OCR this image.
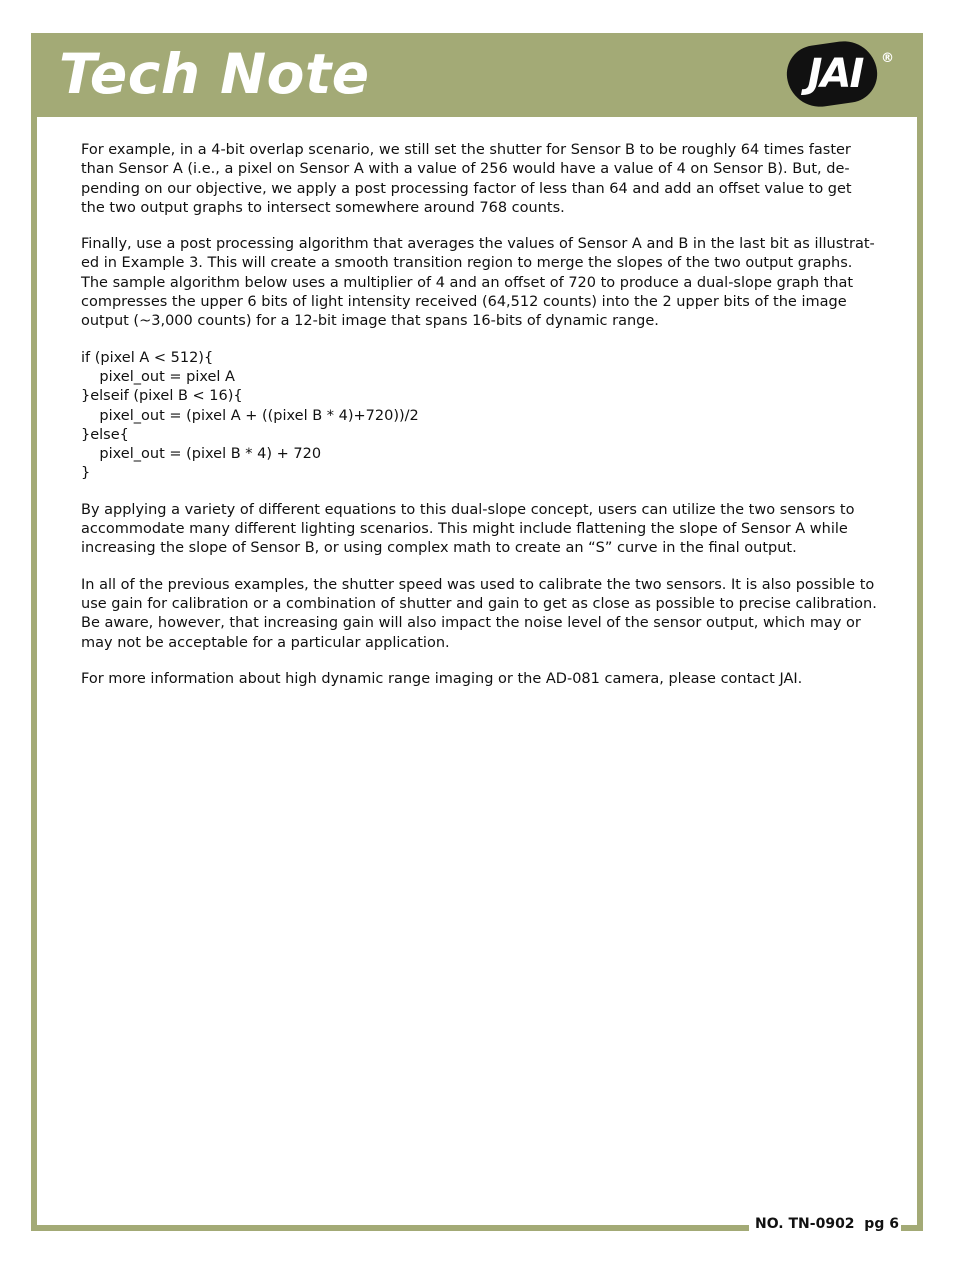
Tech Note	JAI	®
NO. TN-0902  pg 6

For example, in a 4-bit overlap scenario, we still set the shutter for Sensor B to be roughly 64 times faster
than Sensor A (i.e., a pixel on Sensor A with a value of 256 would have a value of 4 on Sensor B). But, de-
pending on our objective, we apply a post processing factor of less than 64 and add an offset value to get
the two output graphs to intersect somewhere around 768 counts.

Finally, use a post processing algorithm that averages the values of Sensor A and B in the last bit as illustrat-
ed in Example 3. This will create a smooth transition region to merge the slopes of the two output graphs.
The sample algorithm below uses a multiplier of 4 and an offset of 720 to produce a dual-slope graph that
compresses the upper 6 bits of light intensity received (64,512 counts) into the 2 upper bits of the image
output (~3,000 counts) for a 12-bit image that spans 16-bits of dynamic range.

if (pixel A < 512){
pixel_out = pixel A
}elseif (pixel B < 16){
pixel_out = (pixel A + ((pixel B * 4)+720))/2
}else{
pixel_out = (pixel B * 4) + 720
}

By applying a variety of different equations to this dual-slope concept, users can utilize the two sensors to
accommodate many different lighting scenarios. This might include flattening the slope of Sensor A while
increasing the slope of Sensor B, or using complex math to create an “S” curve in the final output.

In all of the previous examples, the shutter speed was used to calibrate the two sensors. It is also possible to
use gain for calibration or a combination of shutter and gain to get as close as possible to precise calibration.
Be aware, however, that increasing gain will also impact the noise level of the sensor output, which may or
may not be acceptable for a particular application.

For more information about high dynamic range imaging or the AD-081 camera, please contact JAI.
